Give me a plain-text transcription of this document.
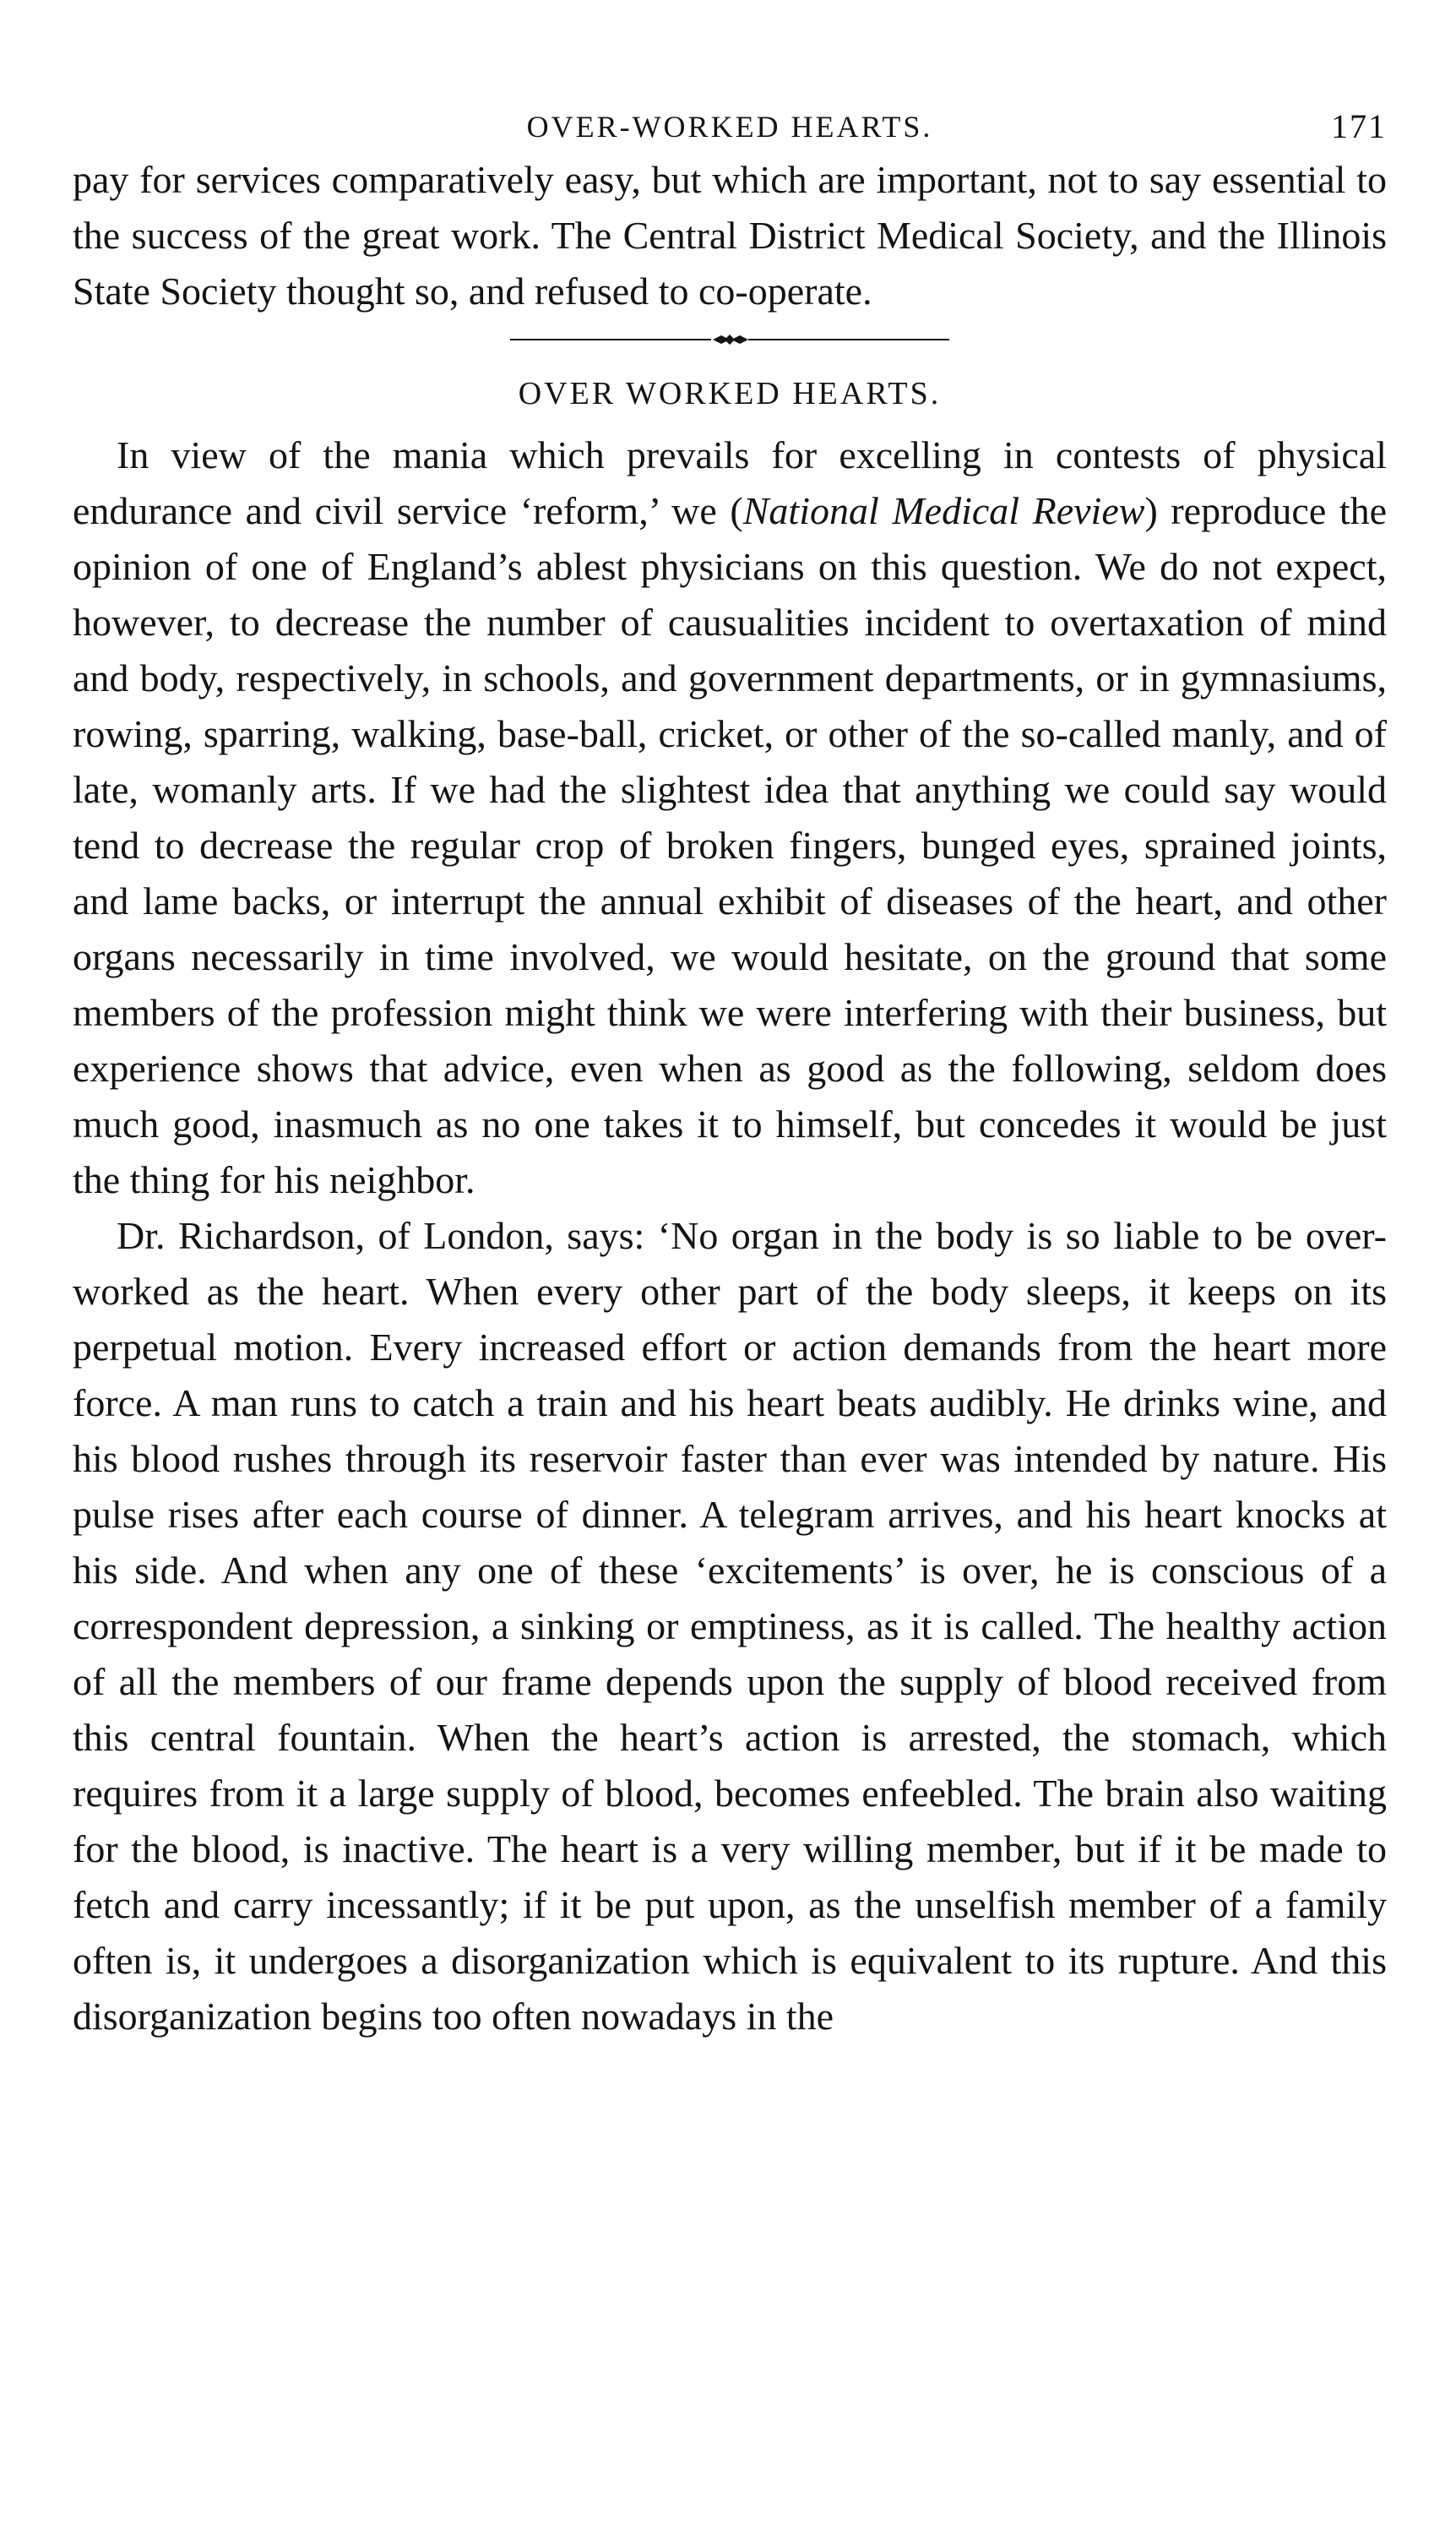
OVER-WORKED HEARTS.	171

pay for services comparatively easy, but which are important, not to say essential to the success of the great work. The Central District Medical Society, and the Illinois State Society thought so, and refused to co-operate.

OVER WORKED HEARTS.

In view of the mania which prevails for excelling in contests of physical endurance and civil service ‘reform,’ we (National Medical Review) reproduce the opinion of one of England’s ablest physicians on this question. We do not expect, however, to decrease the number of causualities incident to overtaxation of mind and body, respectively, in schools, and government departments, or in gymnasiums, rowing, sparring, walking, base-ball, cricket, or other of the so-called manly, and of late, womanly arts. If we had the slightest idea that anything we could say would tend to decrease the regular crop of broken fingers, bunged eyes, sprained joints, and lame backs, or interrupt the annual exhibit of diseases of the heart, and other organs necessarily in time involved, we would hesitate, on the ground that some members of the profession might think we were interfering with their business, but experience shows that advice, even when as good as the following, seldom does much good, inasmuch as no one takes it to himself, but concedes it would be just the thing for his neighbor.

Dr. Richardson, of London, says: ‘No organ in the body is so liable to be over-worked as the heart. When every other part of the body sleeps, it keeps on its perpetual motion. Every increased effort or action demands from the heart more force. A man runs to catch a train and his heart beats audibly. He drinks wine, and his blood rushes through its reservoir faster than ever was intended by nature. His pulse rises after each course of dinner. A telegram arrives, and his heart knocks at his side. And when any one of these ‘excitements’ is over, he is conscious of a correspondent depression, a sinking or emptiness, as it is called. The healthy action of all the members of our frame depends upon the supply of blood received from this central fountain. When the heart’s action is arrested, the stomach, which requires from it a large supply of blood, becomes enfeebled. The brain also waiting for the blood, is inactive. The heart is a very willing member, but if it be made to fetch and carry incessantly; if it be put upon, as the unselfish member of a family often is, it undergoes a disorganization which is equivalent to its rupture. And this disorganization begins too often nowadays in the
